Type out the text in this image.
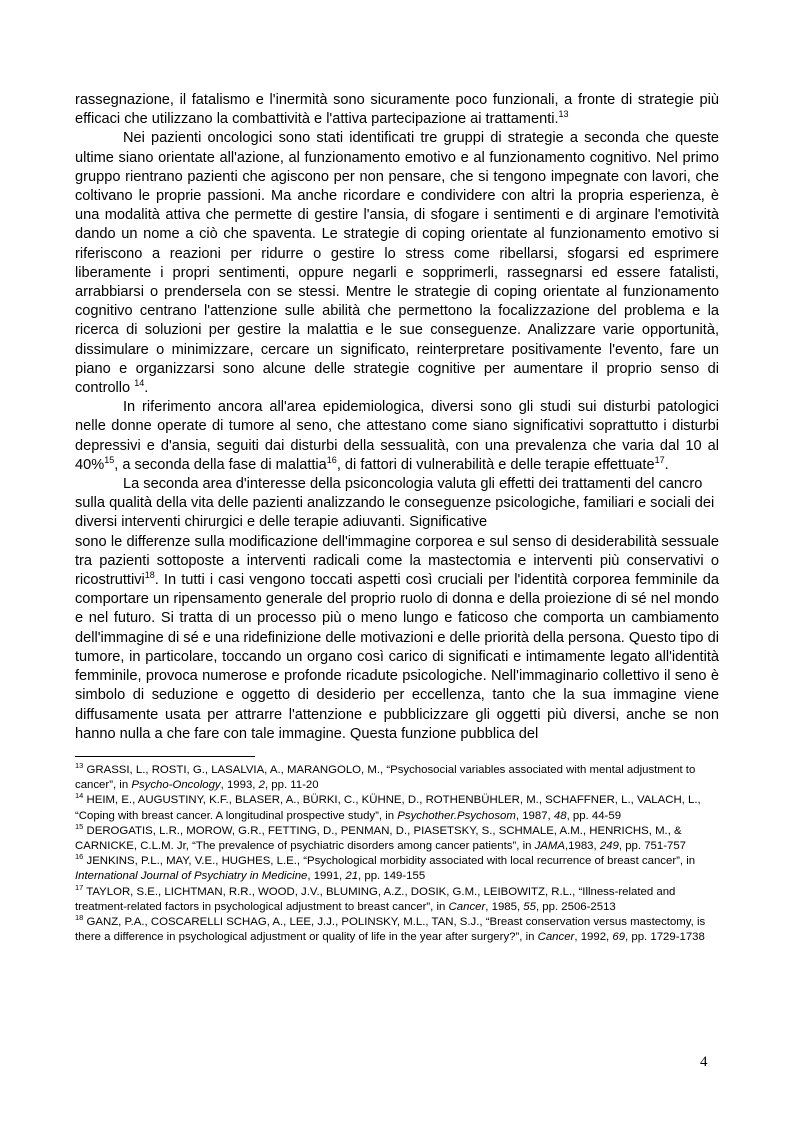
rassegnazione, il fatalismo e l'inermità sono sicuramente poco funzionali, a fronte di strategie più efficaci che utilizzano la combattività e l'attiva partecipazione ai trattamenti.$^{13}$

Nei pazienti oncologici sono stati identificati tre gruppi di strategie a seconda che queste ultime siano orientate all'azione, al funzionamento emotivo e al funzionamento cognitivo. Nel primo gruppo rientrano pazienti che agiscono per non pensare, che si tengono impegnate con lavori, che coltivano le proprie passioni. Ma anche ricordare e condividere con altri la propria esperienza, è una modalità attiva che permette di gestire l'ansia, di sfogare i sentimenti e di arginare l'emotività dando un nome a ciò che spaventa. Le strategie di coping orientate al funzionamento emotivo si riferiscono a reazioni per ridurre o gestire lo stress come ribellarsi, sfogarsi ed esprimere liberamente i propri sentimenti, oppure negarli e sopprimerli, rassegnarsi ed essere fatalisti, arrabbiarsi o prendersela con se stessi. Mentre le strategie di coping orientate al funzionamento cognitivo centrano l'attenzione sulle abilità che permettono la focalizzazione del problema e la ricerca di soluzioni per gestire la malattia e le sue conseguenze. Analizzare varie opportunità, dissimulare o minimizzare, cercare un significato, reinterpretare positivamente l'evento, fare un piano e organizzarsi sono alcune delle strategie cognitive per aumentare il proprio senso di controllo $^{14}$.

In riferimento ancora all'area epidemiologica, diversi sono gli studi sui disturbi patologici nelle donne operate di tumore al seno, che attestano come siano significativi soprattutto i disturbi depressivi e d'ansia, seguiti dai disturbi della sessualità, con una prevalenza che varia dal 10 al 40%$^{15}$, a seconda della fase di malattia$^{16}$, di fattori di vulnerabilità e delle terapie effettuate$^{17}$.

La seconda area d'interesse della psiconcologia valuta gli effetti dei trattamenti del cancro sulla qualità della vita delle pazienti analizzando le conseguenze psicologiche, familiari e sociali dei diversi interventi chirurgici e delle terapie adiuvanti. Significative

sono le differenze sulla modificazione dell'immagine corporea e sul senso di desiderabilità sessuale tra pazienti sottoposte a interventi radicali come la mastectomia e interventi più conservativi o ricostruttivi$^{18}$. In tutti i casi vengono toccati aspetti così cruciali per l'identità corporea femminile da comportare un ripensamento generale del proprio ruolo di donna e della proiezione di sé nel mondo e nel futuro. Si tratta di un processo più o meno lungo e faticoso che comporta un cambiamento dell'immagine di sé e una ridefinizione delle motivazioni e delle priorità della persona. Questo tipo di tumore, in particolare, toccando un organo così carico di significati e intimamente legato all'identità femminile, provoca numerose e profonde ricadute psicologiche. Nell'immaginario collettivo il seno è simbolo di seduzione e oggetto di desiderio per eccellenza, tanto che la sua immagine viene diffusamente usata per attrarre l'attenzione e pubblicizzare gli oggetti più diversi, anche se non hanno nulla a che fare con tale immagine. Questa funzione pubblica del

$^{13}$ GRASSI, L., ROSTI, G., LASALVIA, A., MARANGOLO, M., “Psychosocial variables associated with mental adjustment to cancer”, in Psycho-Oncology, 1993, 2, pp. 11-20

$^{14}$ HEIM, E., AUGUSTINY, K.F., BLASER, A., BÜRKI, C., KÜHNE, D., ROTHENBÜHLER, M., SCHAFFNER, L., VALACH, L., “Coping with breast cancer. A longitudinal prospective study”, in Psychother.Psychosom, 1987, 48, pp. 44-59

$^{15}$ DEROGATIS, L.R., MOROW, G.R., FETTING, D., PENMAN, D., PIASETSKY, S., SCHMALE, A.M., HENRICHS, M., & CARNICKE, C.L.M. Jr, “The prevalence of psychiatric disorders among cancer patients”, in JAMA,1983, 249, pp. 751-757

$^{16}$ JENKINS, P.L., MAY, V.E., HUGHES, L.E., “Psychological morbidity associated with local recurrence of breast cancer”, in International Journal of Psychiatry in Medicine, 1991, 21, pp. 149-155

$^{17}$ TAYLOR, S.E., LICHTMAN, R.R., WOOD, J.V., BLUMING, A.Z., DOSIK, G.M., LEIBOWITZ, R.L., “Illness-related and treatment-related factors in psychological adjustment to breast cancer”, in Cancer, 1985, 55, pp. 2506-2513

$^{18}$ GANZ, P.A., COSCARELLI SCHAG, A., LEE, J.J., POLINSKY, M.L., TAN, S.J., “Breast conservation versus mastectomy, is there a difference in psychological adjustment or quality of life in the year after surgery?”, in Cancer, 1992, 69, pp. 1729-1738

4
